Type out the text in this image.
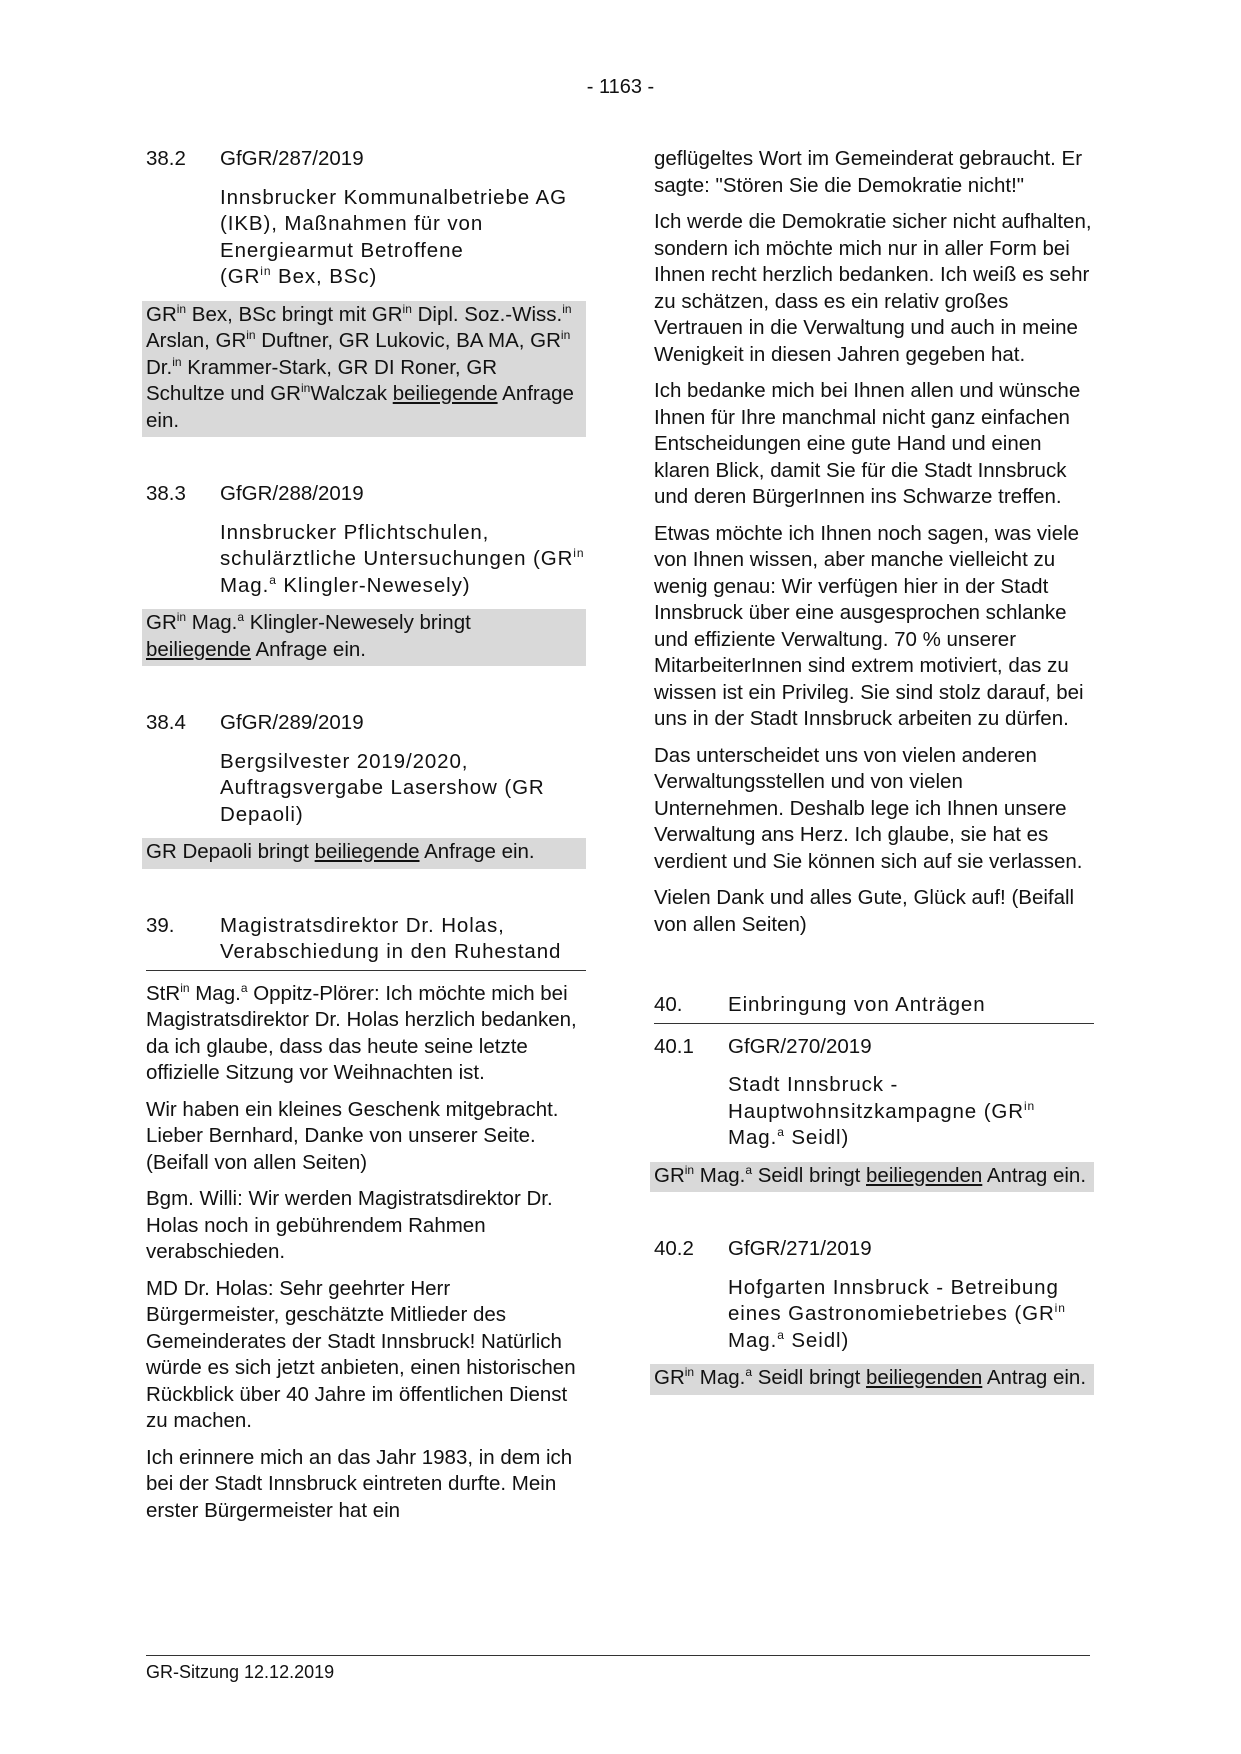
- 1163 -
38.2	GfGR/287/2019
Innsbrucker Kommunalbetriebe AG (IKB), Maßnahmen für von Energiearmut Betroffene
($GR^{in}$ Bex, BSc)
$GR^{in}$ Bex, BSc bringt mit $GR^{in}$ Dipl. Soz.-Wiss.$^{in}$ Arslan, $GR^{in}$ Duftner, GR Lukovic, BA MA, $GR^{in}$ Dr.$^{in}$ Krammer-Stark, GR DI Roner, GR Schultze und $GR^{in}Walczak$ beiliegende Anfrage ein.
38.3	GfGR/288/2019
Innsbrucker Pflichtschulen, schulärztliche Untersuchungen ($GR^{in}$ Mag.$^a$ Klingler-Newesely)
$GR^{in}$ Mag.$^a$ Klingler-Newesely bringt beiliegende Anfrage ein.
38.4	GfGR/289/2019
Bergsilvester 2019/2020, Auftragsvergabe Lasershow (GR Depaoli)
GR Depaoli bringt beiliegende Anfrage ein.
39.	Magistratsdirektor Dr. Holas, Verabschiedung in den Ruhestand

StR$^{in}$ Mag.$^a$ Oppitz-Plörer: Ich möchte mich bei Magistratsdirektor Dr. Holas herzlich bedanken, da ich glaube, dass das heute seine letzte offizielle Sitzung vor Weihnachten ist.

Wir haben ein kleines Geschenk mitgebracht. Lieber Bernhard, Danke von unserer Seite. (Beifall von allen Seiten)

Bgm. Willi: Wir werden Magistratsdirektor Dr. Holas noch in gebührendem Rahmen verabschieden.

MD Dr. Holas: Sehr geehrter Herr Bürgermeister, geschätzte Mitlieder des Gemeinderates der Stadt Innsbruck! Natürlich würde es sich jetzt anbieten, einen historischen Rückblick über 40 Jahre im öffentlichen Dienst zu machen.

Ich erinnere mich an das Jahr 1983, in dem ich bei der Stadt Innsbruck eintreten durfte. Mein erster Bürgermeister hat ein

geflügeltes Wort im Gemeinderat gebraucht. Er sagte: "Stören Sie die Demokratie nicht!"

Ich werde die Demokratie sicher nicht aufhalten, sondern ich möchte mich nur in aller Form bei Ihnen recht herzlich bedanken. Ich weiß es sehr zu schätzen, dass es ein relativ großes Vertrauen in die Verwaltung und auch in meine Wenigkeit in diesen Jahren gegeben hat.

Ich bedanke mich bei Ihnen allen und wünsche Ihnen für Ihre manchmal nicht ganz einfachen Entscheidungen eine gute Hand und einen klaren Blick, damit Sie für die Stadt Innsbruck und deren BürgerInnen ins Schwarze treffen.

Etwas möchte ich Ihnen noch sagen, was viele von Ihnen wissen, aber manche vielleicht zu wenig genau: Wir verfügen hier in der Stadt Innsbruck über eine ausgesprochen schlanke und effiziente Verwaltung. 70 % unserer MitarbeiterInnen sind extrem motiviert, das zu wissen ist ein Privileg. Sie sind stolz darauf, bei uns in der Stadt Innsbruck arbeiten zu dürfen.

Das unterscheidet uns von vielen anderen Verwaltungsstellen und von vielen Unternehmen. Deshalb lege ich Ihnen unsere Verwaltung ans Herz. Ich glaube, sie hat es verdient und Sie können sich auf sie verlassen.

Vielen Dank und alles Gute, Glück auf! (Beifall von allen Seiten)

40.	Einbringung von Anträgen
40.1	GfGR/270/2019
Stadt Innsbruck - Hauptwohnsitzkampagne ($GR^{in}$ Mag.$^a$ Seidl)
$GR^{in}$ Mag.$^a$ Seidl bringt beiliegenden Antrag ein.
40.2	GfGR/271/2019
Hofgarten Innsbruck - Betreibung eines Gastronomiebetriebes ($GR^{in}$ Mag.$^a$ Seidl)
$GR^{in}$ Mag.$^a$ Seidl bringt beiliegenden Antrag ein.
GR-Sitzung 12.12.2019
